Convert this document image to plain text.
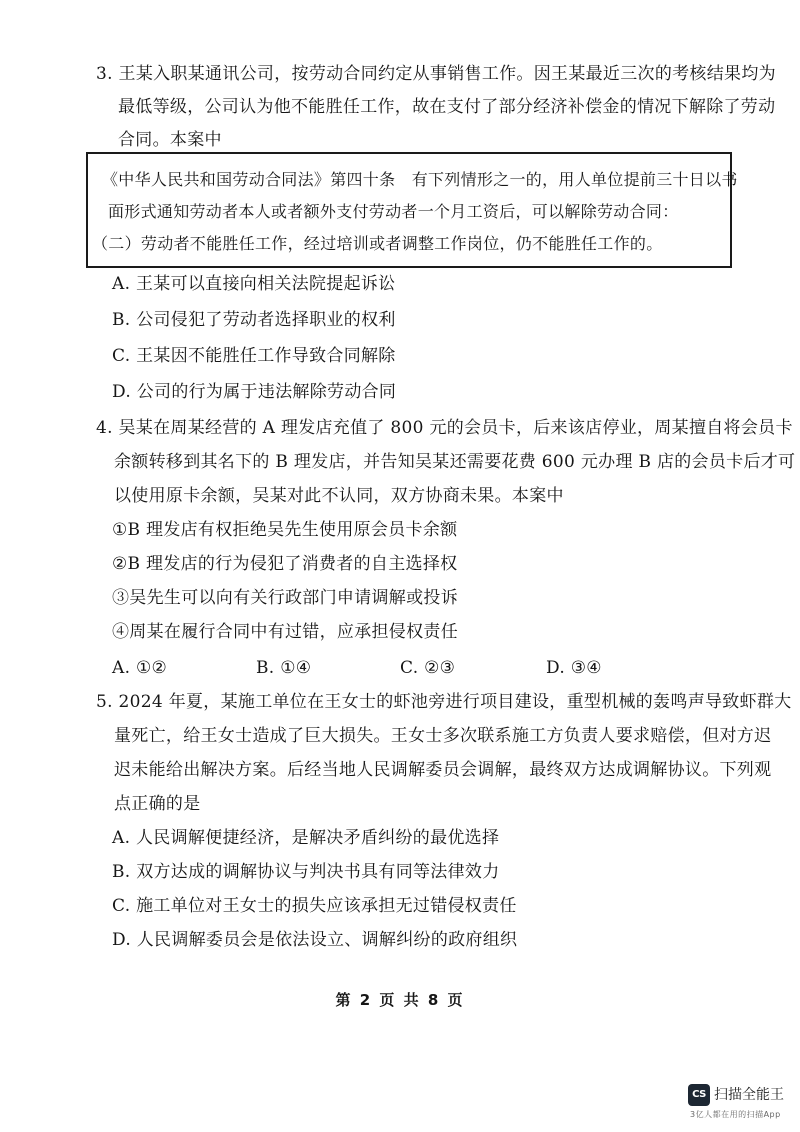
3. 王某入职某通讯公司，按劳动合同约定从事销售工作。因王某最近三次的考核结果均为
最低等级，公司认为他不能胜任工作，故在支付了部分经济补偿金的情况下解除了劳动
合同。本案中
《中华人民共和国劳动合同法》第四十条　有下列情形之一的，用人单位提前三十日以书
面形式通知劳动者本人或者额外支付劳动者一个月工资后，可以解除劳动合同：
（二）劳动者不能胜任工作，经过培训或者调整工作岗位，仍不能胜任工作的。
A. 王某可以直接向相关法院提起诉讼
B. 公司侵犯了劳动者选择职业的权利
C. 王某因不能胜任工作导致合同解除
D. 公司的行为属于违法解除劳动合同
4. 吴某在周某经营的 A 理发店充值了 800 元的会员卡，后来该店停业，周某擅自将会员卡
余额转移到其名下的 B 理发店，并告知吴某还需要花费 600 元办理 B 店的会员卡后才可
以使用原卡余额，吴某对此不认同，双方协商未果。本案中
①B 理发店有权拒绝吴先生使用原会员卡余额
②B 理发店的行为侵犯了消费者的自主选择权
③吴先生可以向有关行政部门申请调解或投诉
④周某在履行合同中有过错，应承担侵权责任
A. ①②	B. ①④	C. ②③	D. ③④
5. 2024 年夏，某施工单位在王女士的虾池旁进行项目建设，重型机械的轰鸣声导致虾群大
量死亡，给王女士造成了巨大损失。王女士多次联系施工方负责人要求赔偿，但对方迟
迟未能给出解决方案。后经当地人民调解委员会调解，最终双方达成调解协议。下列观
点正确的是
A. 人民调解便捷经济，是解决矛盾纠纷的最优选择
B. 双方达成的调解协议与判决书具有同等法律效力
C. 施工单位对王女士的损失应该承担无过错侵权责任
D. 人民调解委员会是依法设立、调解纠纷的政府组织
第 2 页 共 8 页
CS 扫描全能王
3亿人都在用的扫描App
